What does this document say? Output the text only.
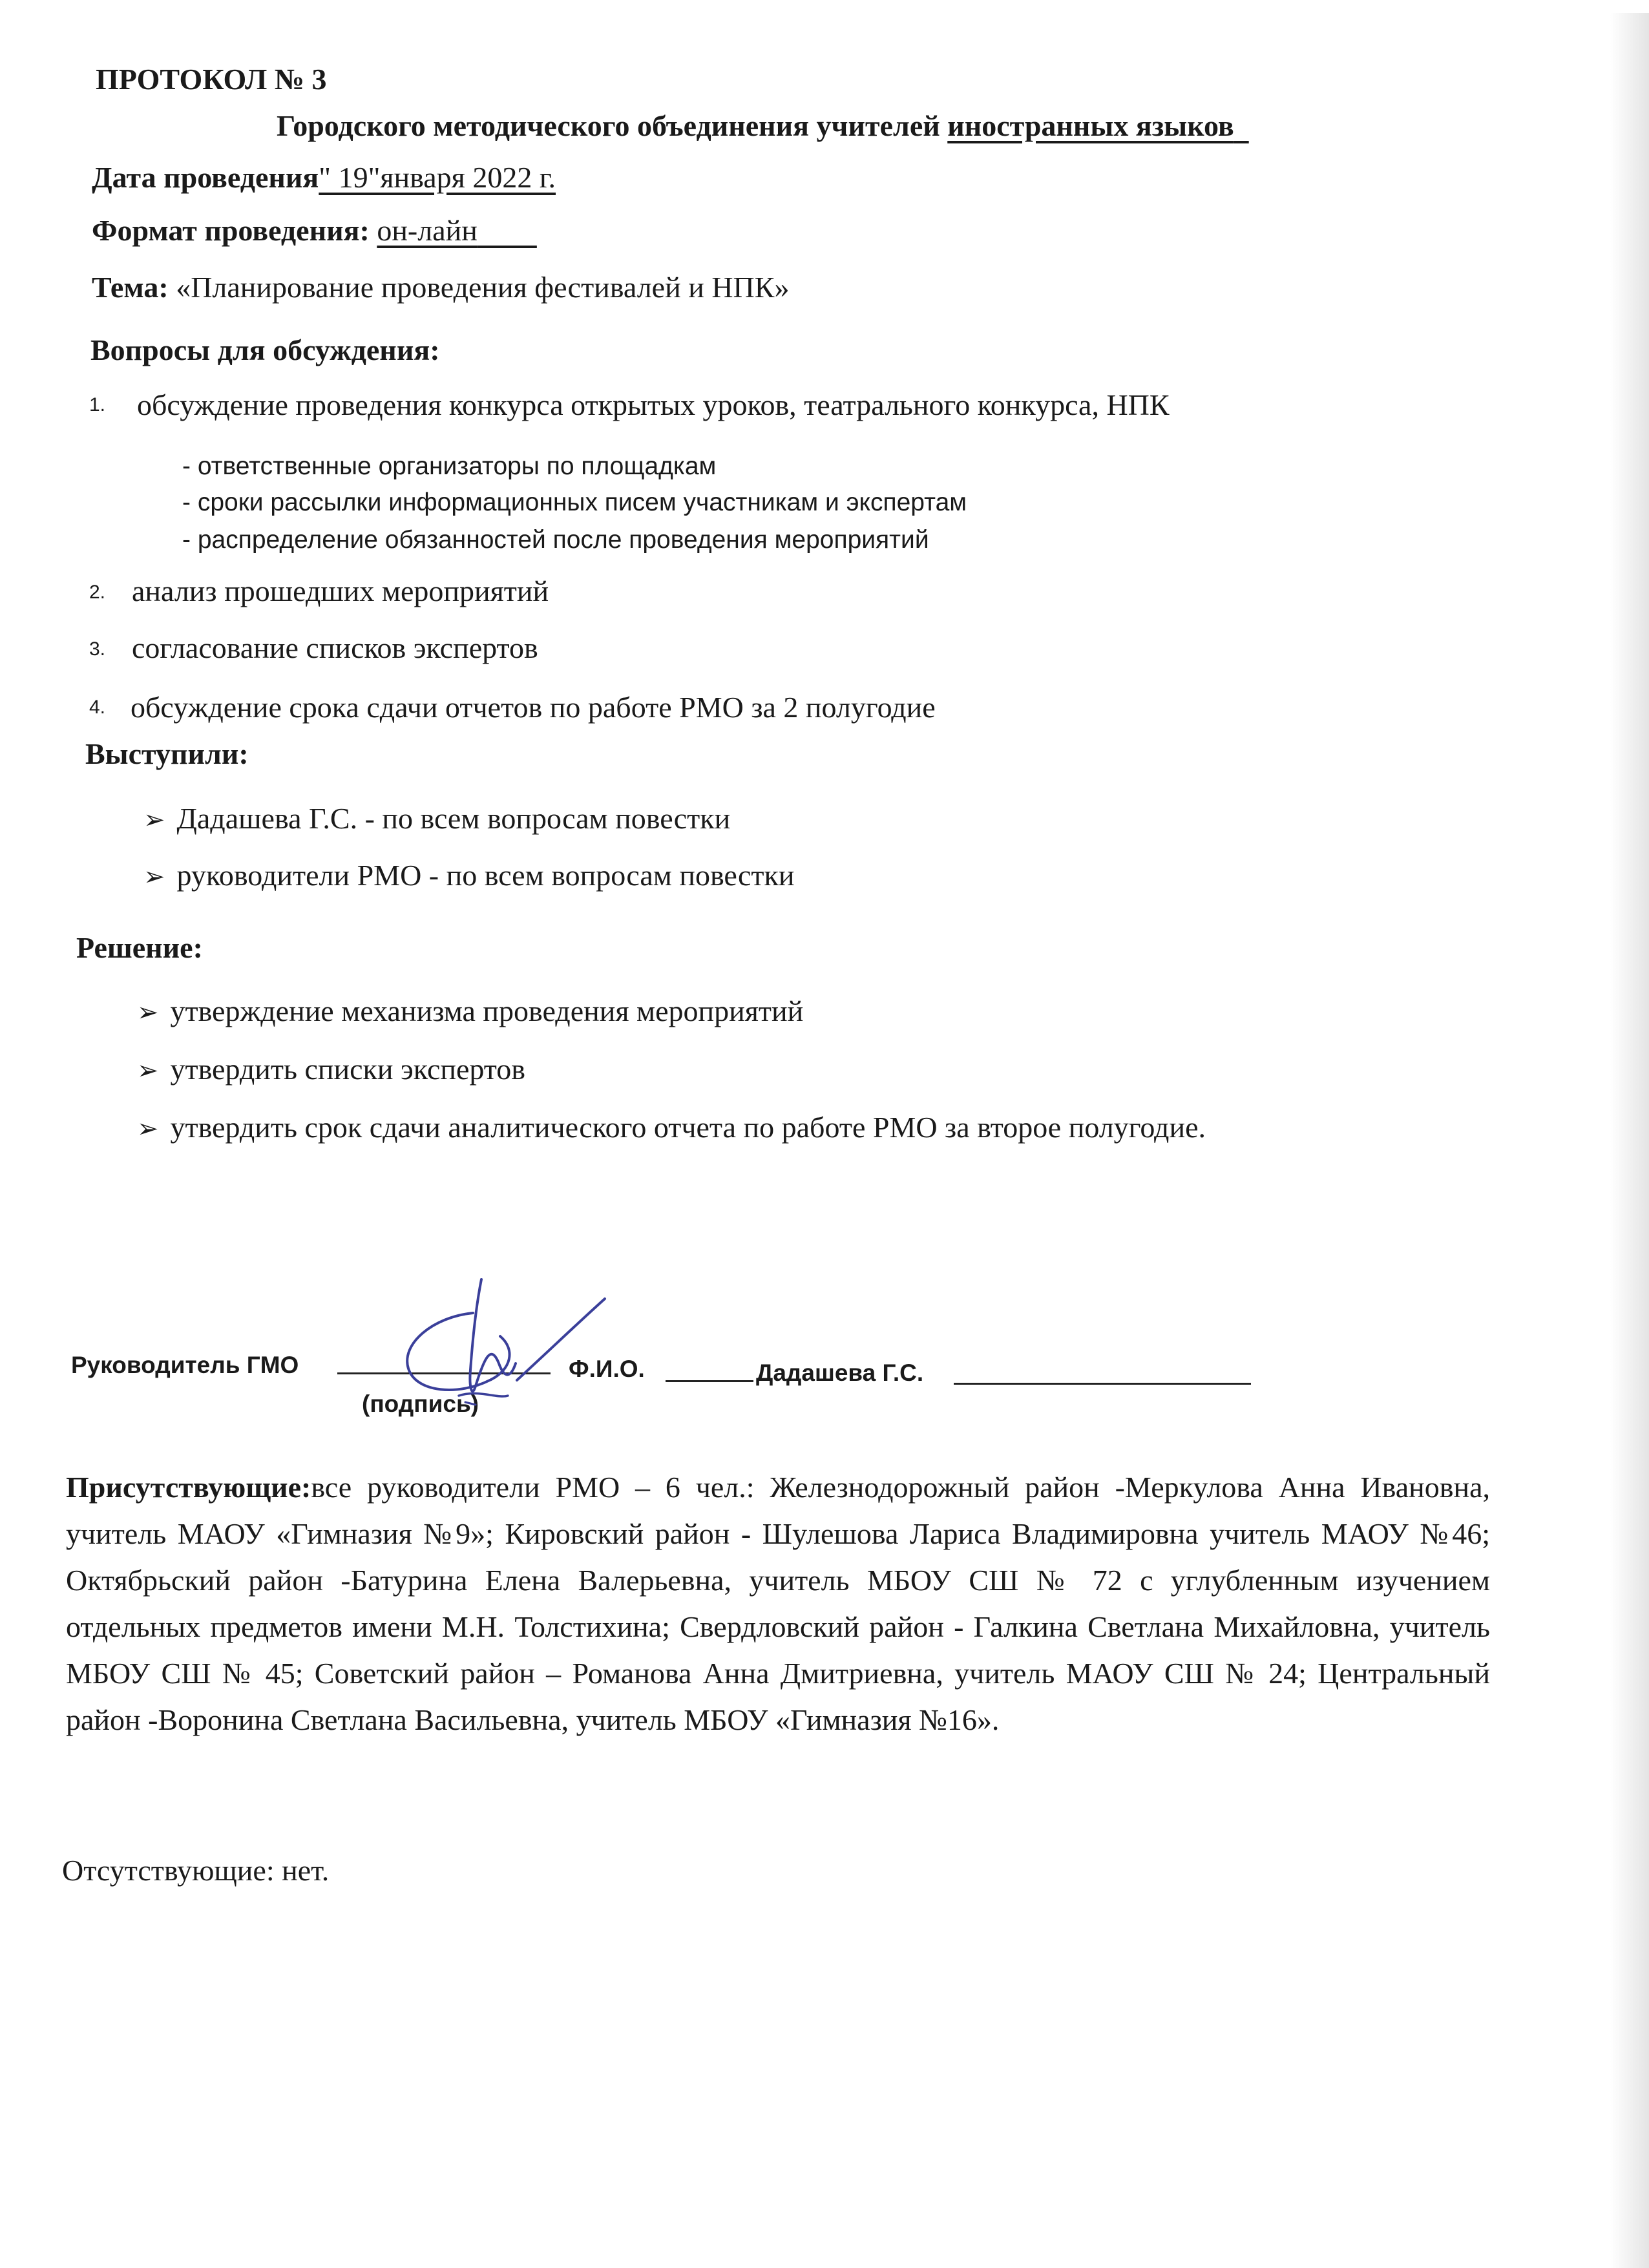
ПРОТОКОЛ № 3
Городского методического объединения учителей иностранных языков
Дата проведения" 19"января 2022 г.
Формат проведения: он-лайн
Тема: «Планирование проведения фестивалей и НПК»
Вопросы для обсуждения:
1. обсуждение проведения конкурса открытых уроков, театрального конкурса, НПК
- ответственные организаторы по площадкам
- сроки рассылки информационных писем участникам и экспертам
- распределение обязанностей после проведения мероприятий
2. анализ прошедших мероприятий
3. согласование списков экспертов
4. обсуждение срока сдачи отчетов по работе РМО за 2 полугодие
Выступили:
➢ Дадашева Г.С. - по всем вопросам повестки
➢ руководители РМО - по всем вопросам повестки
Решение:
➢ утверждение механизма проведения мероприятий
➢ утвердить списки экспертов
➢ утвердить срок сдачи аналитического отчета по работе РМО за второе полугодие.
Руководитель ГМО
(подпись)
Ф.И.О.	Дадашева Г.С.
Присутствующие:все руководители РМО – 6 чел.: Железнодорожный район -Меркулова Анна Ивановна, учитель МАОУ «Гимназия №9»; Кировский район - Шулешова Лариса Владимировна учитель МАОУ №46; Октябрьский район -Батурина Елена Валерьевна, учитель МБОУ СШ № 72 с углубленным изучением отдельных предметов имени М.Н. Толстихина; Свердловский район - Галкина Светлана Михайловна, учитель МБОУ СШ № 45; Советский район – Романова Анна Дмитриевна, учитель МАОУ СШ № 24; Центральный район -Воронина Светлана Васильевна, учитель МБОУ «Гимназия №16».
Отсутствующие: нет.
